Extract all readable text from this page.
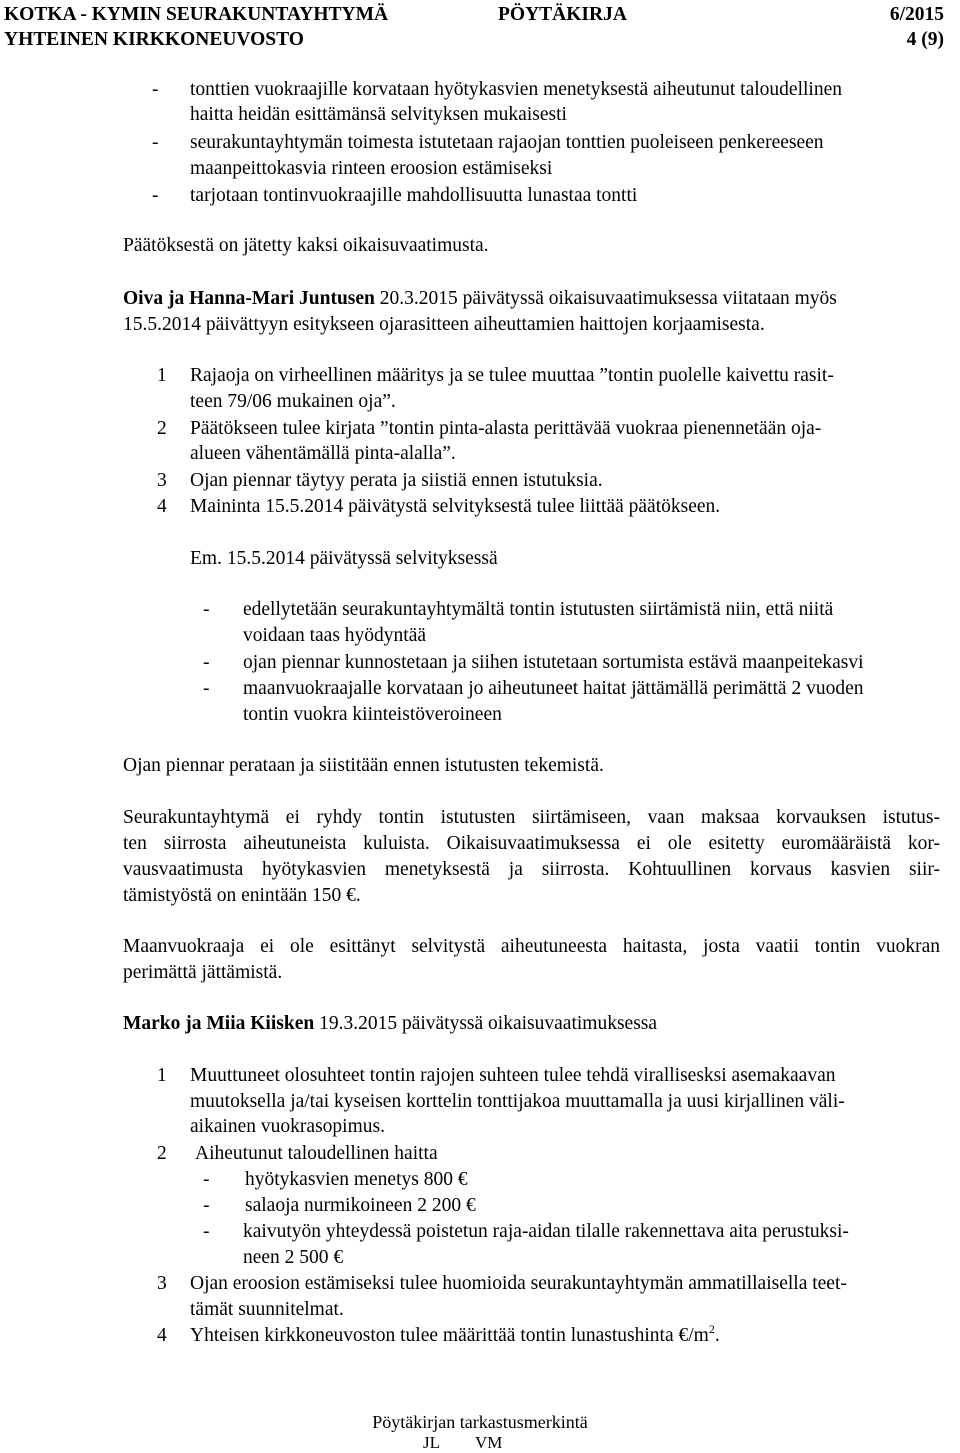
KOTKA - KYMIN SEURAKUNTAYHTYMÄ	PÖYTÄKIRJA	6/2015
YHTEINEN KIRKKONEUVOSTO	4 (9)
- tonttien vuokraajille korvataan hyötykasvien menetyksestä aiheutunut taloudellinen
haitta heidän esittämänsä selvityksen mukaisesti
- seurakuntayhtymän toimesta istutetaan rajaojan tonttien puoleiseen penkereeseen
maanpeittokasvia rinteen eroosion estämiseksi
- tarjotaan tontinvuokraajille mahdollisuutta lunastaa tontti
Päätöksestä on jätetty kaksi oikaisuvaatimusta.
Oiva ja Hanna-Mari Juntusen 20.3.2015 päivätyssä oikaisuvaatimuksessa viitataan myös
15.5.2014 päivättyyn esitykseen ojarasitteen aiheuttamien haittojen korjaamisesta.
1 Rajaoja on virheellinen määritys ja se tulee muuttaa ”tontin puolelle kaivettu rasit-
teen 79/06 mukainen oja”.
2 Päätökseen tulee kirjata ”tontin pinta-alasta perittävää vuokraa pienennetään oja-
alueen vähentämällä pinta-alalla”.
3 Ojan piennar täytyy perata ja siistiä ennen istutuksia.
4 Maininta 15.5.2014 päivätystä selvityksestä tulee liittää päätökseen.
Em. 15.5.2014 päivätyssä selvityksessä
- edellytetään seurakuntayhtymältä tontin istutusten siirtämistä niin, että niitä
voidaan taas hyödyntää
- ojan piennar kunnostetaan ja siihen istutetaan sortumista estävä maanpeitekasvi
- maanvuokraajalle korvataan jo aiheutuneet haitat jättämällä perimättä 2 vuoden
tontin vuokra kiinteistöveroineen
Ojan piennar perataan ja siistitään ennen istutusten tekemistä.
Seurakuntayhtymä ei ryhdy tontin istutusten siirtämiseen, vaan maksaa korvauksen istutus-
ten siirrosta aiheutuneista kuluista. Oikaisuvaatimuksessa ei ole esitetty euromääräistä kor-
vausvaatimusta hyötykasvien menetyksestä ja siirrosta. Kohtuullinen korvaus kasvien siir-
tämistyöstä on enintään 150 €.
Maanvuokraaja ei ole esittänyt selvitystä aiheutuneesta haitasta, josta vaatii tontin vuokran
perimättä jättämistä.
Marko ja Miia Kiisken 19.3.2015 päivätyssä oikaisuvaatimuksessa
1 Muuttuneet olosuhteet tontin rajojen suhteen tulee tehdä virallisesksi asemakaavan
muutoksella ja/tai kyseisen korttelin tonttijakoa muuttamalla ja uusi kirjallinen väli-
aikainen vuokrasopimus.
2 Aiheutunut taloudellinen haitta
- hyötykasvien menetys 800 €
- salaoja nurmikoineen 2 200 €
- kaivutyön yhteydessä poistetun raja-aidan tilalle rakennettava aita perustuksi-
neen 2 500 €
3 Ojan eroosion estämiseksi tulee huomioida seurakuntayhtymän ammatillaisella teet-
tämät suunnitelmat.
4 Yhteisen kirkkoneuvoston tulee määrittää tontin lunastushinta $€/m^2$.
Pöytäkirjan tarkastusmerkintä
JL VM
